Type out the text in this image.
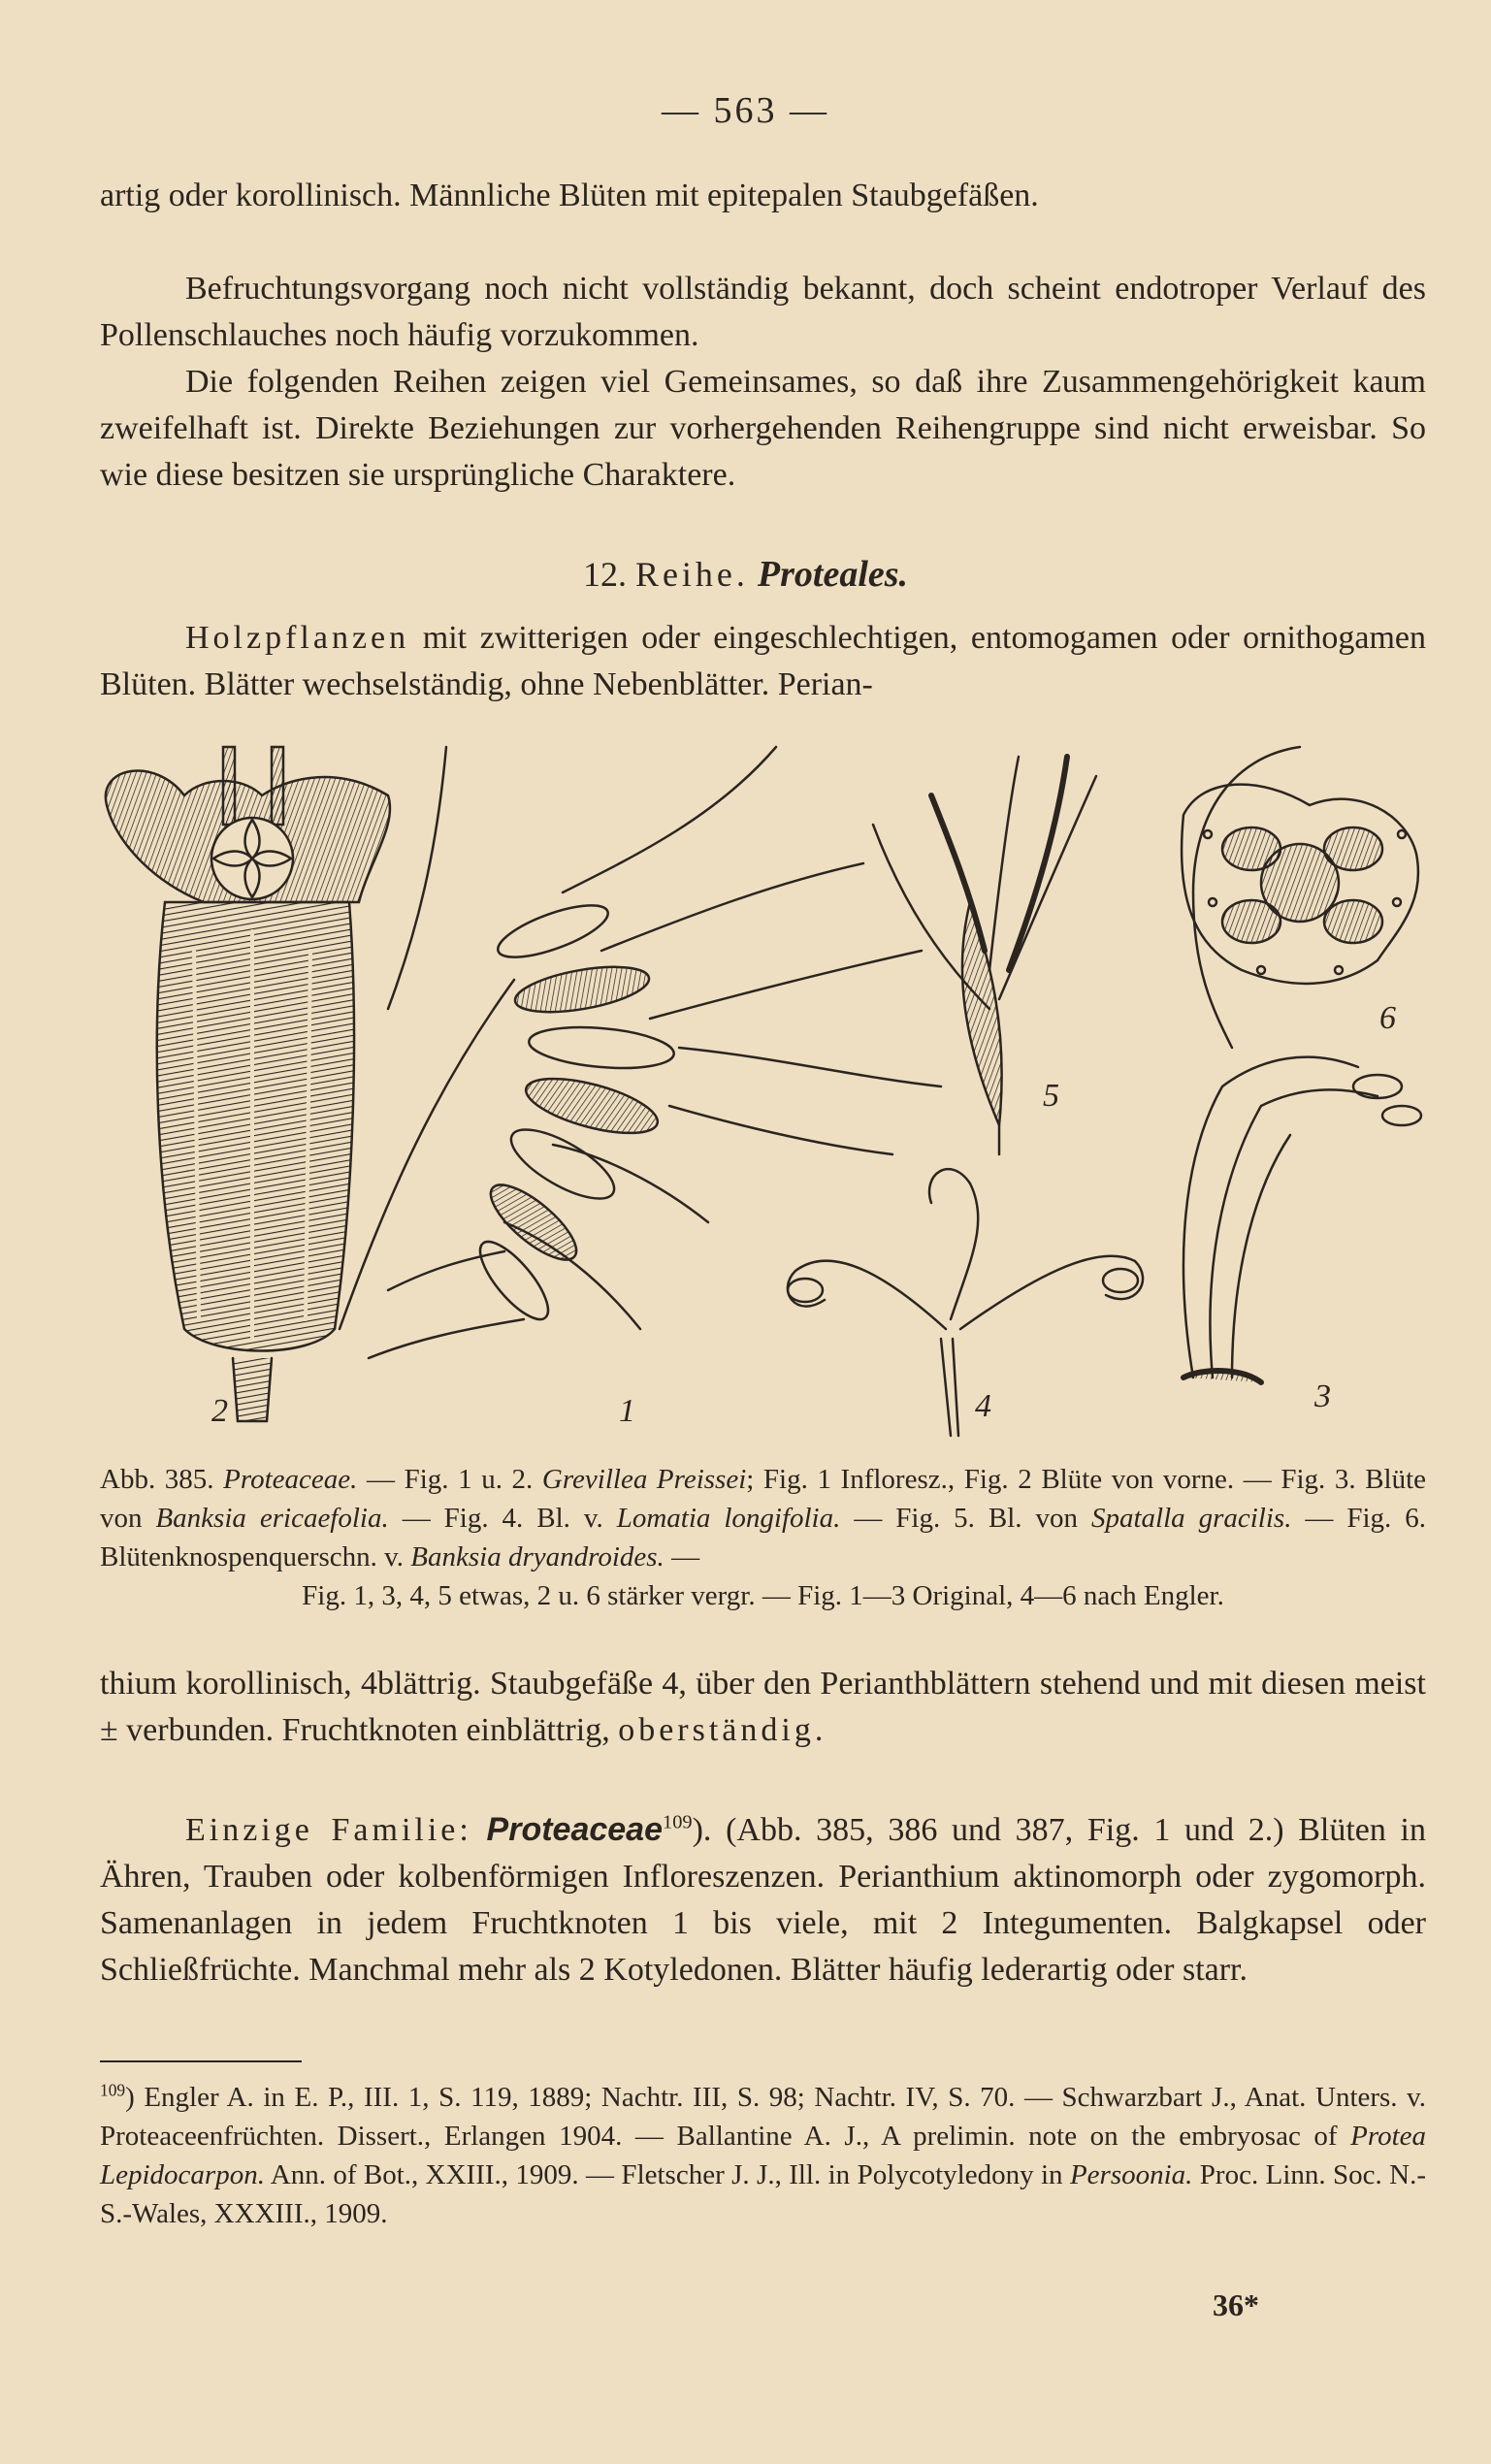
— 563 —
artig oder korollinisch. Männliche Blüten mit epitepalen Staubgefäßen.
Befruchtungsvorgang noch nicht vollständig bekannt, doch scheint endotroper Verlauf des Pollenschlauches noch häufig vorzukommen.
Die folgenden Reihen zeigen viel Gemeinsames, so daß ihre Zusammengehörigkeit kaum zweifelhaft ist. Direkte Beziehungen zur vorhergehenden Reihengruppe sind nicht erweisbar. So wie diese besitzen sie ursprüngliche Charaktere.
12. Reihe. Proteales.
Holzpflanzen mit zwitterigen oder eingeschlechtigen, entomogamen oder ornithogamen Blüten. Blätter wechselständig, ohne Nebenblätter. Perian-
1
2	3
4
5
6
Abb. 385. Proteaceae. — Fig. 1 u. 2. Grevillea Preissei; Fig. 1 Infloresz., Fig. 2 Blüte von vorne. — Fig. 3. Blüte von Banksia ericaefolia. — Fig. 4. Bl. v. Lomatia longifolia. — Fig. 5. Bl. von Spatalla gracilis. — Fig. 6. Blütenknospenquerschn. v. Banksia dryandroides. —
Fig. 1, 3, 4, 5 etwas, 2 u. 6 stärker vergr. — Fig. 1—3 Original, 4—6 nach Engler.
thium korollinisch, 4blättrig. Staubgefäße 4, über den Perianthblättern stehend und mit diesen meist ± verbunden. Fruchtknoten einblättrig, oberständig.
Einzige Familie: Proteaceae$^{109}$). (Abb. 385, 386 und 387, Fig. 1 und 2.) Blüten in Ähren, Trauben oder kolbenförmigen Infloreszenzen. Perianthium aktinomorph oder zygomorph. Samenanlagen in jedem Fruchtknoten 1 bis viele, mit 2 Integumenten. Balgkapsel oder Schließfrüchte. Manchmal mehr als 2 Kotyledonen. Blätter häufig lederartig oder starr.
$^{109}$) Engler A. in E. P., III. 1, S. 119, 1889; Nachtr. III, S. 98; Nachtr. IV, S. 70. — Schwarzbart J., Anat. Unters. v. Proteaceenfrüchten. Dissert., Erlangen 1904. — Ballantine A. J., A prelimin. note on the embryosac of Protea Lepidocarpon. Ann. of Bot., XXIII., 1909. — Fletscher J. J., Ill. in Polycotyledony in Persoonia. Proc. Linn. Soc. N.-S.-Wales, XXXIII., 1909.
36*
